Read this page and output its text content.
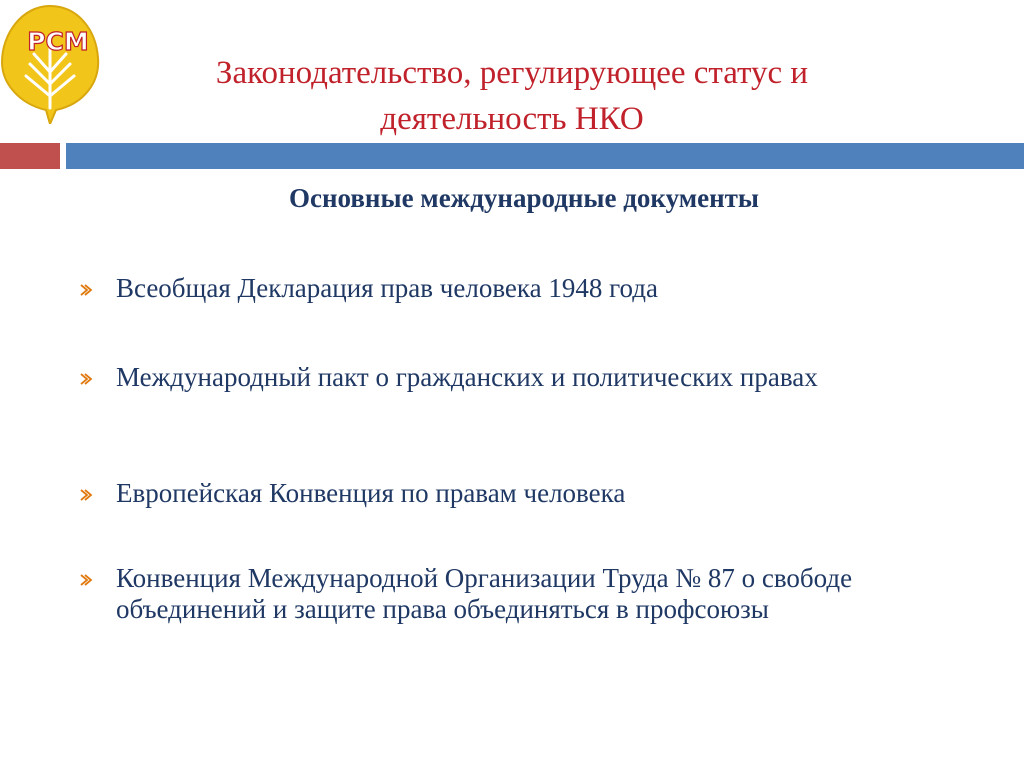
РСМ
Законодательство, регулирующее статус и
деятельность НКО
Основные международные документы
Всеобщая Декларация прав человека 1948 года
Международный пакт о гражданских и политических правах
Европейская Конвенция по правам человека
Конвенция Международной Организации Труда № 87 о свободе объединений и защите права объединяться в профсоюзы
